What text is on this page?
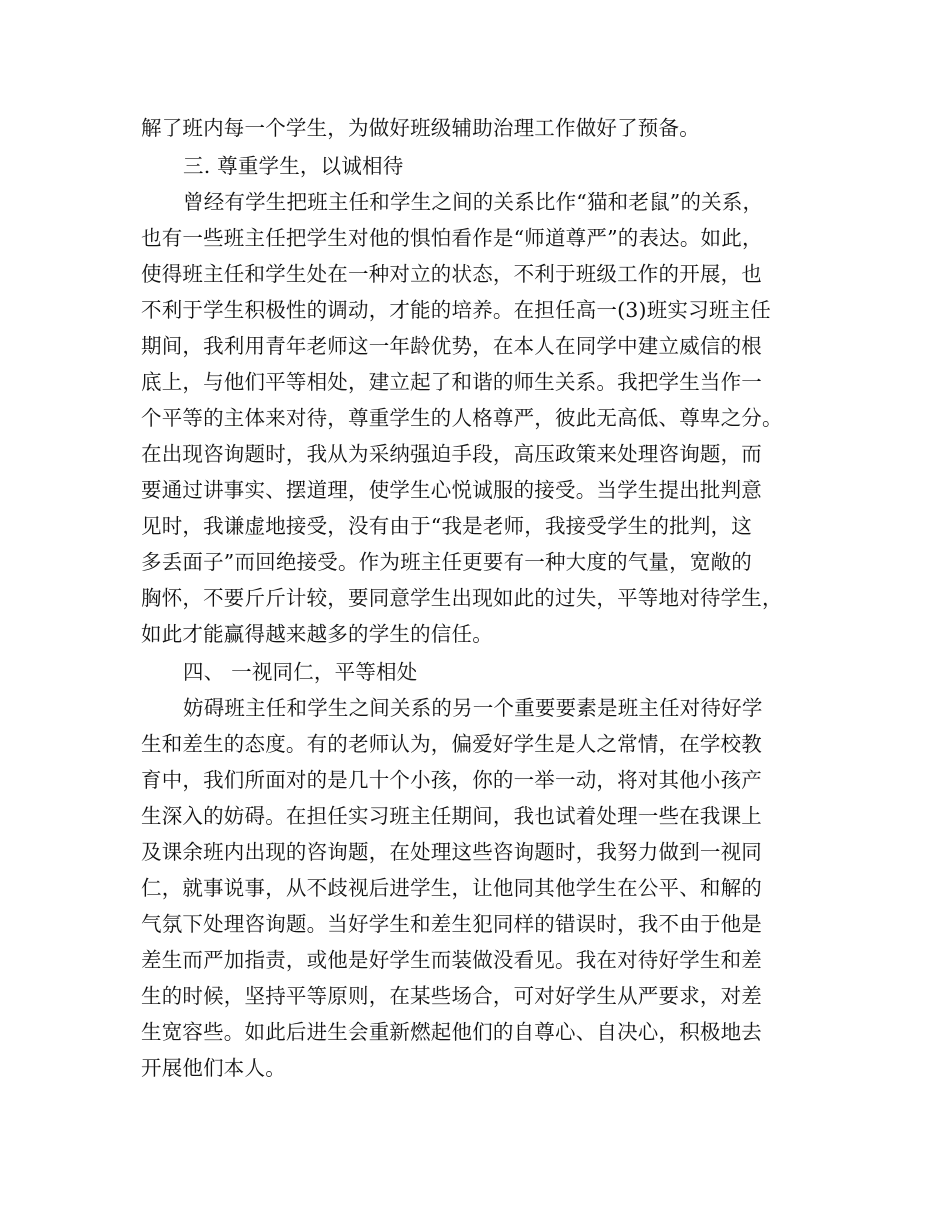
解了班内每一个学生，为做好班级辅助治理工作做好了预备。
三. 尊重学生，以诚相待
曾经有学生把班主任和学生之间的关系比作“猫和老鼠”的关系，
也有一些班主任把学生对他的惧怕看作是“师道尊严”的表达。如此，
使得班主任和学生处在一种对立的状态，不利于班级工作的开展，也
不利于学生积极性的调动，才能的培养。在担任高一(3)班实习班主任
期间，我利用青年老师这一年龄优势，在本人在同学中建立威信的根
底上，与他们平等相处，建立起了和谐的师生关系。我把学生当作一
个平等的主体来对待，尊重学生的人格尊严，彼此无高低、尊卑之分。
在出现咨询题时，我从为采纳强迫手段，高压政策来处理咨询题，而
要通过讲事实、摆道理，使学生心悦诚服的接受。当学生提出批判意
见时，我谦虚地接受，没有由于“我是老师，我接受学生的批判，这
多丢面子”而回绝接受。作为班主任更要有一种大度的气量，宽敞的
胸怀，不要斤斤计较，要同意学生出现如此的过失，平等地对待学生，
如此才能赢得越来越多的学生的信任。
四、 一视同仁，平等相处
妨碍班主任和学生之间关系的另一个重要要素是班主任对待好学
生和差生的态度。有的老师认为，偏爱好学生是人之常情，在学校教
育中，我们所面对的是几十个小孩，你的一举一动，将对其他小孩产
生深入的妨碍。在担任实习班主任期间，我也试着处理一些在我课上
及课余班内出现的咨询题，在处理这些咨询题时，我努力做到一视同
仁，就事说事，从不歧视后进学生，让他同其他学生在公平、和解的
气氛下处理咨询题。当好学生和差生犯同样的错误时，我不由于他是
差生而严加指责，或他是好学生而装做没看见。我在对待好学生和差
生的时候，坚持平等原则，在某些场合，可对好学生从严要求，对差
生宽容些。如此后进生会重新燃起他们的自尊心、自决心，积极地去
开展他们本人。
